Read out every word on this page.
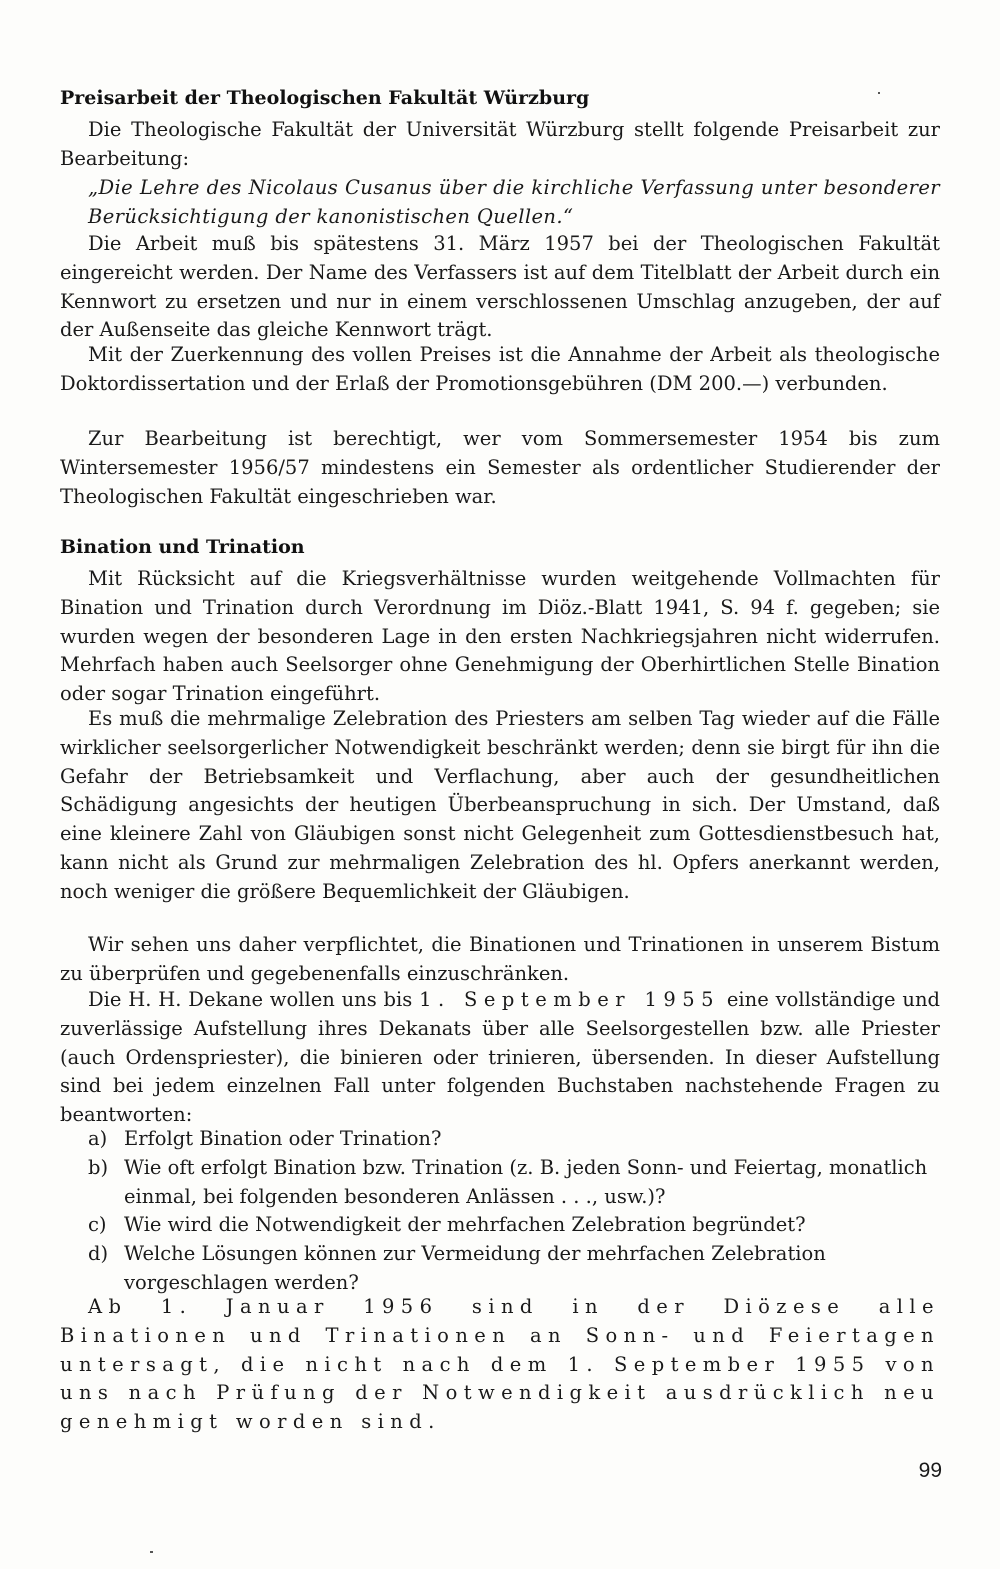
Preisarbeit der Theologischen Fakultät Würzburg

Die Theologische Fakultät der Universität Würzburg stellt folgende Preisarbeit zur Bearbeitung:

„Die Lehre des Nicolaus Cusanus über die kirchliche Verfassung unter besonderer Berücksichtigung der kanonistischen Quellen.“

Die Arbeit muß bis spätestens 31. März 1957 bei der Theologischen Fakultät eingereicht werden. Der Name des Verfassers ist auf dem Titelblatt der Arbeit durch ein Kennwort zu ersetzen und nur in einem verschlossenen Umschlag anzugeben, der auf der Außenseite das gleiche Kennwort trägt.

Mit der Zuerkennung des vollen Preises ist die Annahme der Arbeit als theologische Doktordissertation und der Erlaß der Promotionsgebühren (DM 200.—) verbunden.

Zur Bearbeitung ist berechtigt, wer vom Sommersemester 1954 bis zum Wintersemester 1956/57 mindestens ein Semester als ordentlicher Studierender der Theologischen Fakultät eingeschrieben war.

Bination und Trination

Mit Rücksicht auf die Kriegsverhältnisse wurden weitgehende Vollmachten für Bination und Trination durch Verordnung im Diöz.-Blatt 1941, S. 94 f. gegeben; sie wurden wegen der besonderen Lage in den ersten Nachkriegsjahren nicht widerrufen. Mehrfach haben auch Seelsorger ohne Genehmigung der Oberhirtlichen Stelle Bination oder sogar Trination eingeführt.

Es muß die mehrmalige Zelebration des Priesters am selben Tag wieder auf die Fälle wirklicher seelsorgerlicher Notwendigkeit beschränkt werden; denn sie birgt für ihn die Gefahr der Betriebsamkeit und Verflachung, aber auch der gesundheitlichen Schädigung angesichts der heutigen Überbeanspruchung in sich. Der Umstand, daß eine kleinere Zahl von Gläubigen sonst nicht Gelegenheit zum Gottesdienstbesuch hat, kann nicht als Grund zur mehrmaligen Zelebration des hl. Opfers anerkannt werden, noch weniger die größere Bequemlichkeit der Gläubigen.

Wir sehen uns daher verpflichtet, die Binationen und Trinationen in unserem Bistum zu überprüfen und gegebenenfalls einzuschränken.

Die H. H. Dekane wollen uns bis 1. September 1955 eine vollständige und zuverlässige Aufstellung ihres Dekanats über alle Seelsorgestellen bzw. alle Priester (auch Ordenspriester), die binieren oder trinieren, übersenden. In dieser Aufstellung sind bei jedem einzelnen Fall unter folgenden Buchstaben nachstehende Fragen zu beantworten:

a) Erfolgt Bination oder Trination?
b) Wie oft erfolgt Bination bzw. Trination (z. B. jeden Sonn- und Feiertag, monatlich einmal, bei folgenden besonderen Anlässen . . ., usw.)?
c) Wie wird die Notwendigkeit der mehrfachen Zelebration begründet?
d) Welche Lösungen können zur Vermeidung der mehrfachen Zelebration vorgeschlagen werden?

Ab 1. Januar 1956 sind in der Diözese alle Binationen und Trinationen an Sonn- und Feiertagen untersagt, die nicht nach dem 1. September 1955 von uns nach Prüfung der Notwendigkeit ausdrücklich neu genehmigt worden sind.

99
